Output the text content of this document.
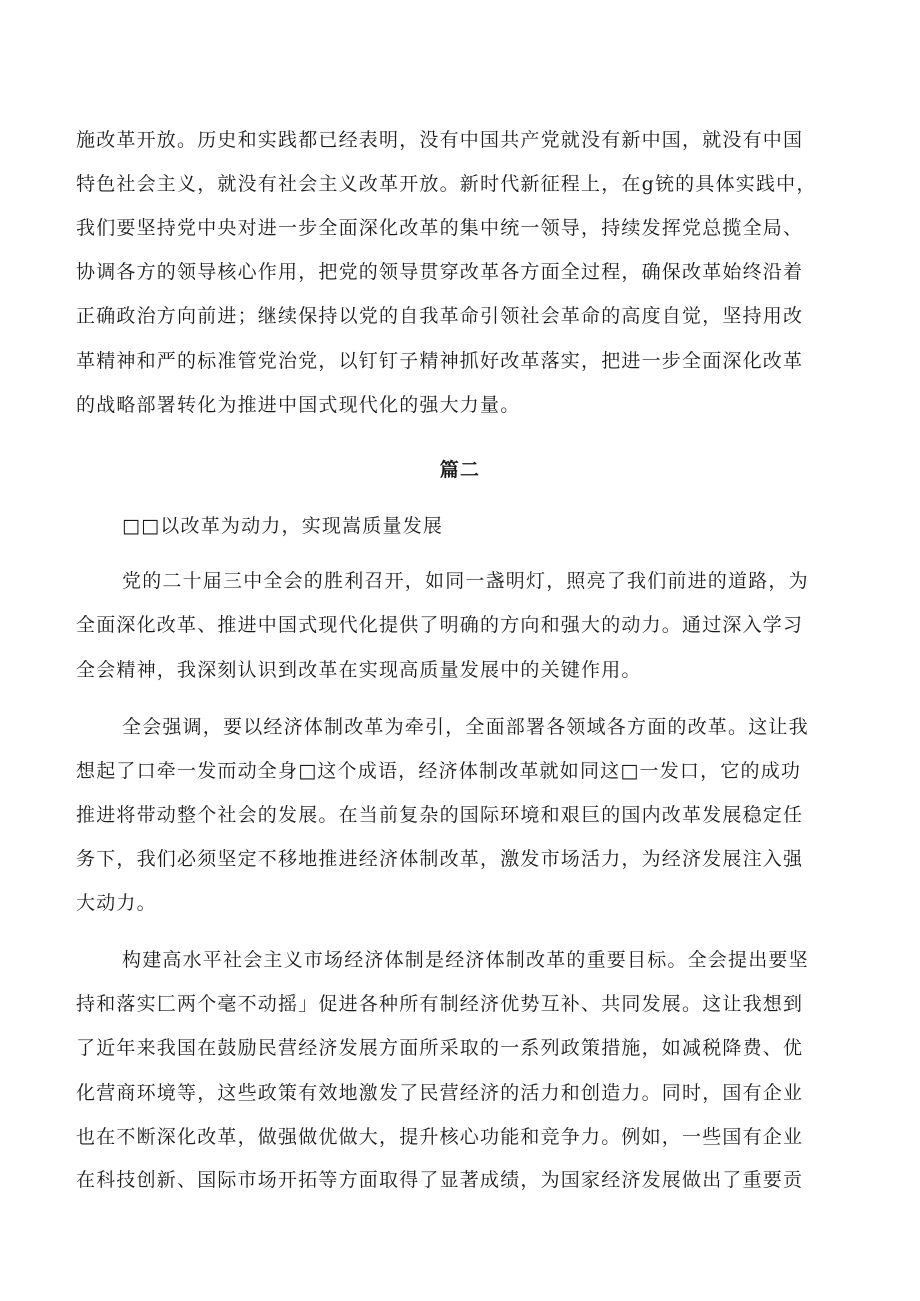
施改革开放。历史和实践都已经表明，没有中国共产党就没有新中国，就没有中国
特色社会主义，就没有社会主义改革开放。新时代新征程上，在g铳的具体实践中，
我们要坚持党中央对进一步全面深化改革的集中统一领导，持续发挥党总揽全局、
协调各方的领导核心作用，把党的领导贯穿改革各方面全过程，确保改革始终沿着
正确政治方向前进；继续保持以党的自我革命引领社会革命的高度自觉，坚持用改
革精神和严的标准管党治党，以钉钉子精神抓好改革落实，把进一步全面深化改革
的战略部署转化为推进中国式现代化的强大力量。
篇二
□□以改革为动力，实现嵩质量发展
党的二十届三中全会的胜利召开，如同一盏明灯，照亮了我们前进的道路，为
全面深化改革、推进中国式现代化提供了明确的方向和强大的动力。通过深入学习
全会精神，我深刻认识到改革在实现高质量发展中的关键作用。
全会强调，要以经济体制改革为牵引，全面部署各领域各方面的改革。这让我
想起了口牵一发而动全身□这个成语，经济体制改革就如同这□一发口，它的成功
推进将带动整个社会的发展。在当前复杂的国际环境和艰巨的国内改革发展稳定任
务下，我们必须坚定不移地推进经济体制改革，激发市场活力，为经济发展注入强
大动力。
构建高水平社会主义市场经济体制是经济体制改革的重要目标。全会提出要坚
持和落实匚两个毫不动摇」促进各种所有制经济优势互补、共同发展。这让我想到
了近年来我国在鼓励民营经济发展方面所采取的一系列政策措施，如减税降费、优
化营商环境等，这些政策有效地激发了民营经济的活力和创造力。同时，国有企业
也在不断深化改革，做强做优做大，提升核心功能和竞争力。例如，一些国有企业
在科技创新、国际市场开拓等方面取得了显著成绩，为国家经济发展做出了重要贡
